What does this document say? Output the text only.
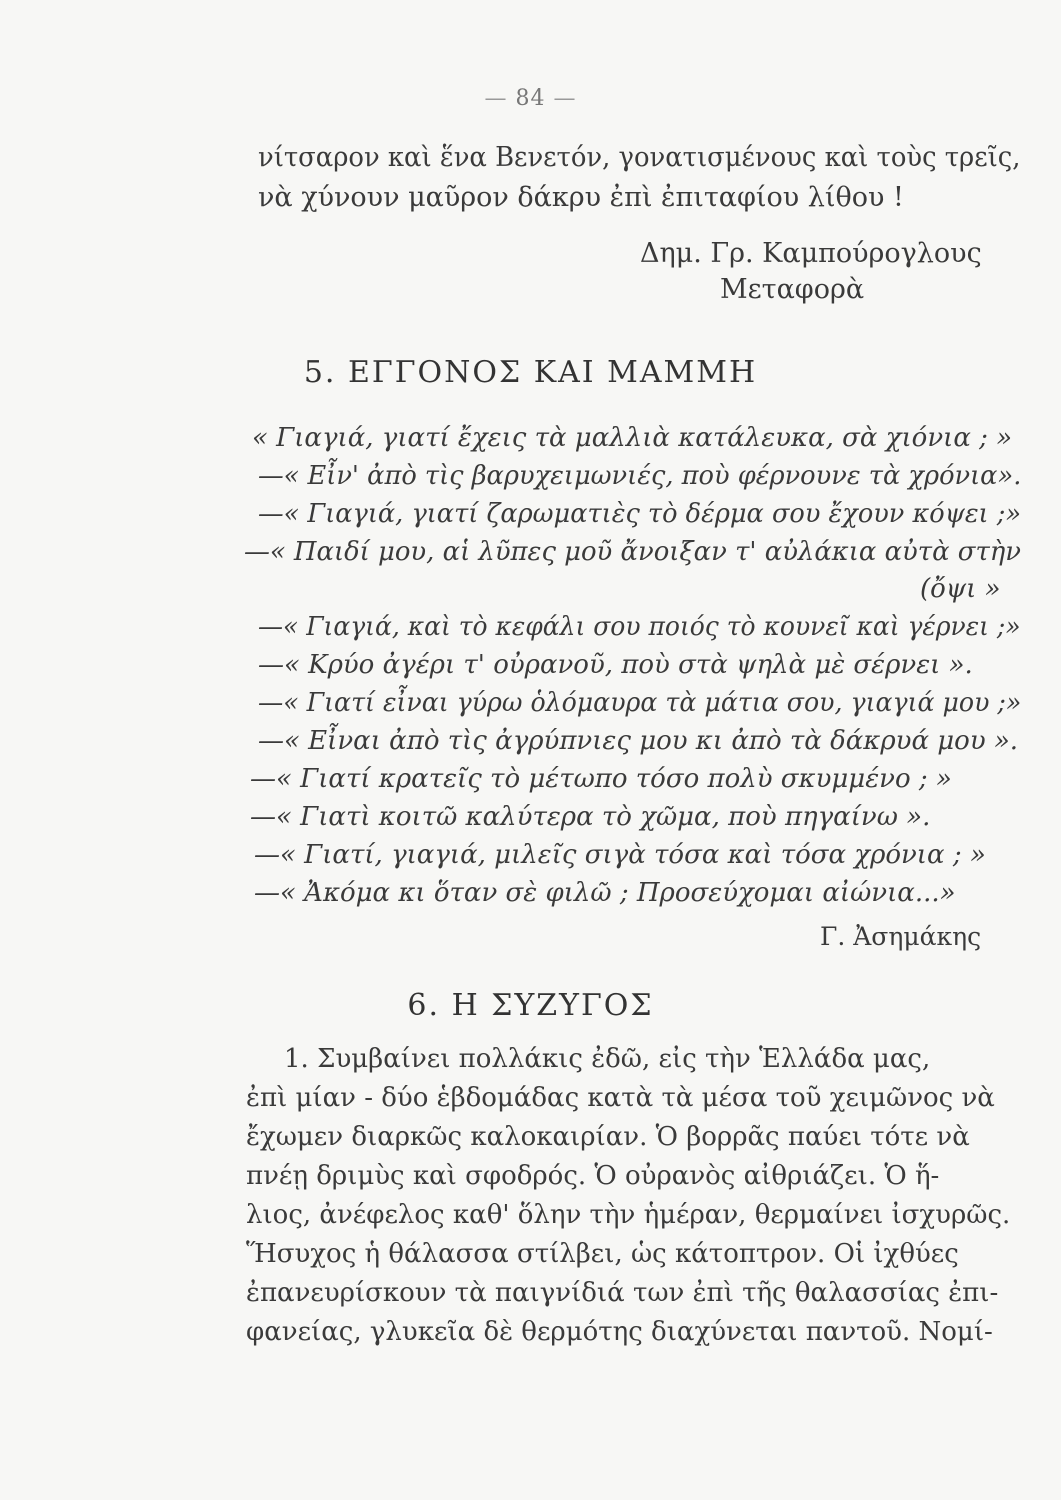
— 84 —
νίτσαρον καὶ ἕνα Βενετόν, γονατισμένους καὶ τοὺς τρεῖς,
νὰ χύνουν μαῦρον δάκρυ ἐπὶ ἐπιταφίου λίθου !
Δημ. Γρ. Καμπούρογλους
Μεταφορὰ
5. ΕΓΓΟΝΟΣ ΚΑΙ ΜΑΜΜΗ
« Γιαγιά, γιατί ἔχεις τὰ μαλλιὰ κατάλευκα, σὰ χιόνια ; »
—« Εἶν' ἀπὸ τὶς βαρυχειμωνιές, ποὺ φέρνουνε τὰ χρόνια».
—« Γιαγιά, γιατί ζαρωματιὲς τὸ δέρμα σου ἔχουν κόψει ;»
—« Παιδί μου, αἱ λῦπες μοῦ ἄνοιξαν τ' αὐλάκια αὐτὰ στὴν
(ὄψι »
—« Γιαγιά, καὶ τὸ κεφάλι σου ποιός τὸ κουνεῖ καὶ γέρνει ;»
—« Κρύο ἀγέρι τ' οὐρανοῦ, ποὺ στὰ ψηλὰ μὲ σέρνει ».
—« Γιατί εἶναι γύρω ὁλόμαυρα τὰ μάτια σου, γιαγιά μου ;»
—« Εἶναι ἀπὸ τὶς ἀγρύπνιες μου κι ἀπὸ τὰ δάκρυά μου ».
—« Γιατί κρατεῖς τὸ μέτωπο τόσο πολὺ σκυμμένο ; »
—« Γιατὶ κοιτῶ καλύτερα τὸ χῶμα, ποὺ πηγαίνω ».
—« Γιατί, γιαγιά, μιλεῖς σιγὰ τόσα καὶ τόσα χρόνια ; »
—« Ἀκόμα κι ὅταν σὲ φιλῶ ; Προσεύχομαι αἰώνια...»
Γ. Ἀσημάκης
6. Η ΣΥΖΥΓΟΣ
1. Συμβαίνει πολλάκις ἐδῶ, εἰς τὴν Ἑλλάδα μας,
ἐπὶ μίαν - δύο ἑβδομάδας κατὰ τὰ μέσα τοῦ χειμῶνος νὰ
ἔχωμεν διαρκῶς καλοκαιρίαν. Ὁ βορρᾶς παύει τότε νὰ
πνέῃ δριμὺς καὶ σφοδρός. Ὁ οὐρανὸς αἰθριάζει. Ὁ ἥ-
λιος, ἀνέφελος καθ' ὅλην τὴν ἡμέραν, θερμαίνει ἰσχυρῶς.
Ἥσυχος ἡ θάλασσα στίλβει, ὡς κάτοπτρον. Οἱ ἰχθύες
ἐπανευρίσκουν τὰ παιγνίδιά των ἐπὶ τῆς θαλασσίας ἐπι-
φανείας, γλυκεῖα δὲ θερμότης διαχύνεται παντοῦ. Νομί-
